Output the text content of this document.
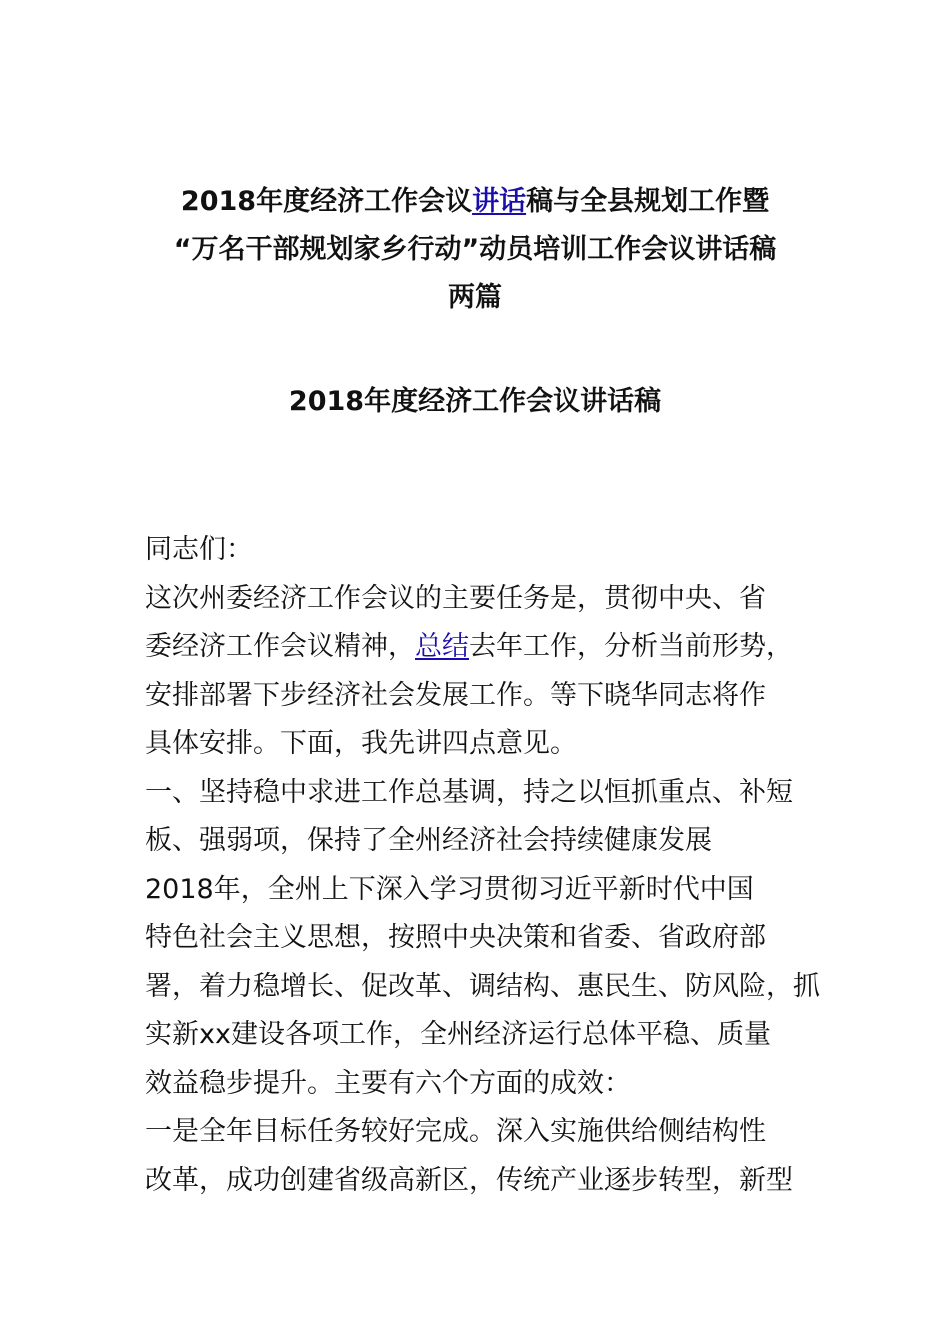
2018年度经济工作会议讲话稿与全县规划工作暨
“万名干部规划家乡行动”动员培训工作会议讲话稿
两篇
2018年度经济工作会议讲话稿

同志们：

这次州委经济工作会议的主要任务是，贯彻中央、省

委经济工作会议精神，总结去年工作，分析当前形势，

安排部署下步经济社会发展工作。等下晓华同志将作

具体安排。下面，我先讲四点意见。

一、坚持稳中求进工作总基调，持之以恒抓重点、补短

板、强弱项，保持了全州经济社会持续健康发展

2018年，全州上下深入学习贯彻习近平新时代中国

特色社会主义思想，按照中央决策和省委、省政府部

署，着力稳增长、促改革、调结构、惠民生、防风险，抓

实新xx建设各项工作，全州经济运行总体平稳、质量

效益稳步提升。主要有六个方面的成效：

一是全年目标任务较好完成。深入实施供给侧结构性

改革，成功创建省级高新区，传统产业逐步转型，新型
